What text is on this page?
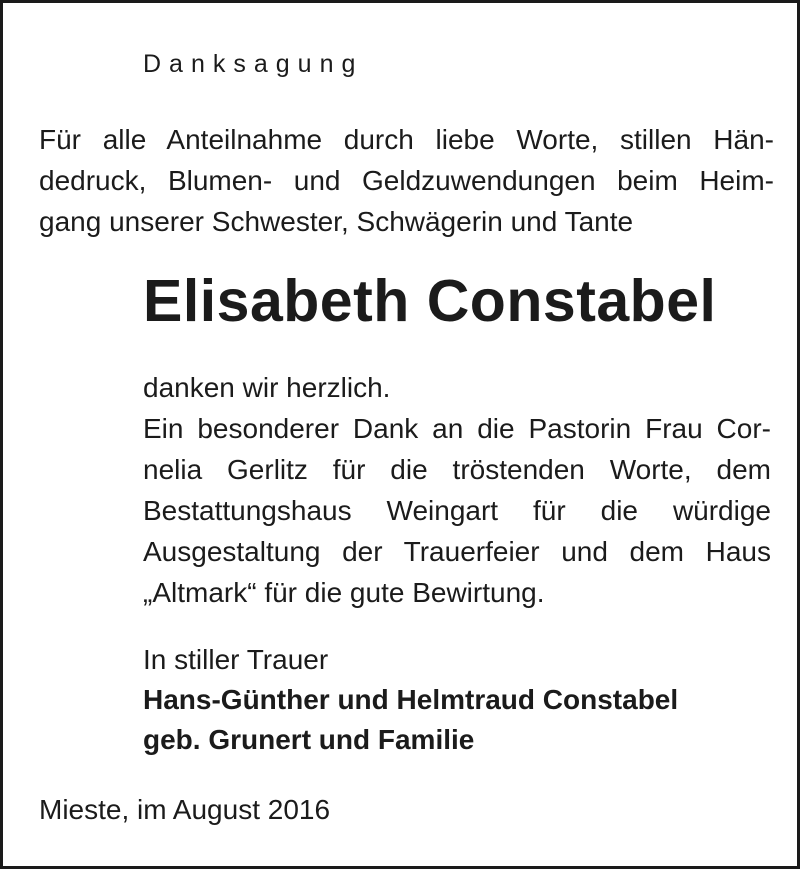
Danksagung
Für alle Anteilnahme durch liebe Worte, stillen Hän-
dedruck, Blumen- und Geldzuwendungen beim Heim-
gang unserer Schwester, Schwägerin und Tante
Elisabeth Constabel
danken wir herzlich.
Ein besonderer Dank an die Pastorin Frau Cor-
nelia Gerlitz für die tröstenden Worte, dem
Bestattungshaus Weingart für die würdige
Ausgestaltung der Trauerfeier und dem Haus
„Altmark“ für die gute Bewirtung.
In stiller Trauer
Hans-Günther und Helmtraud Constabel
geb. Grunert und Familie
Mieste, im August 2016
